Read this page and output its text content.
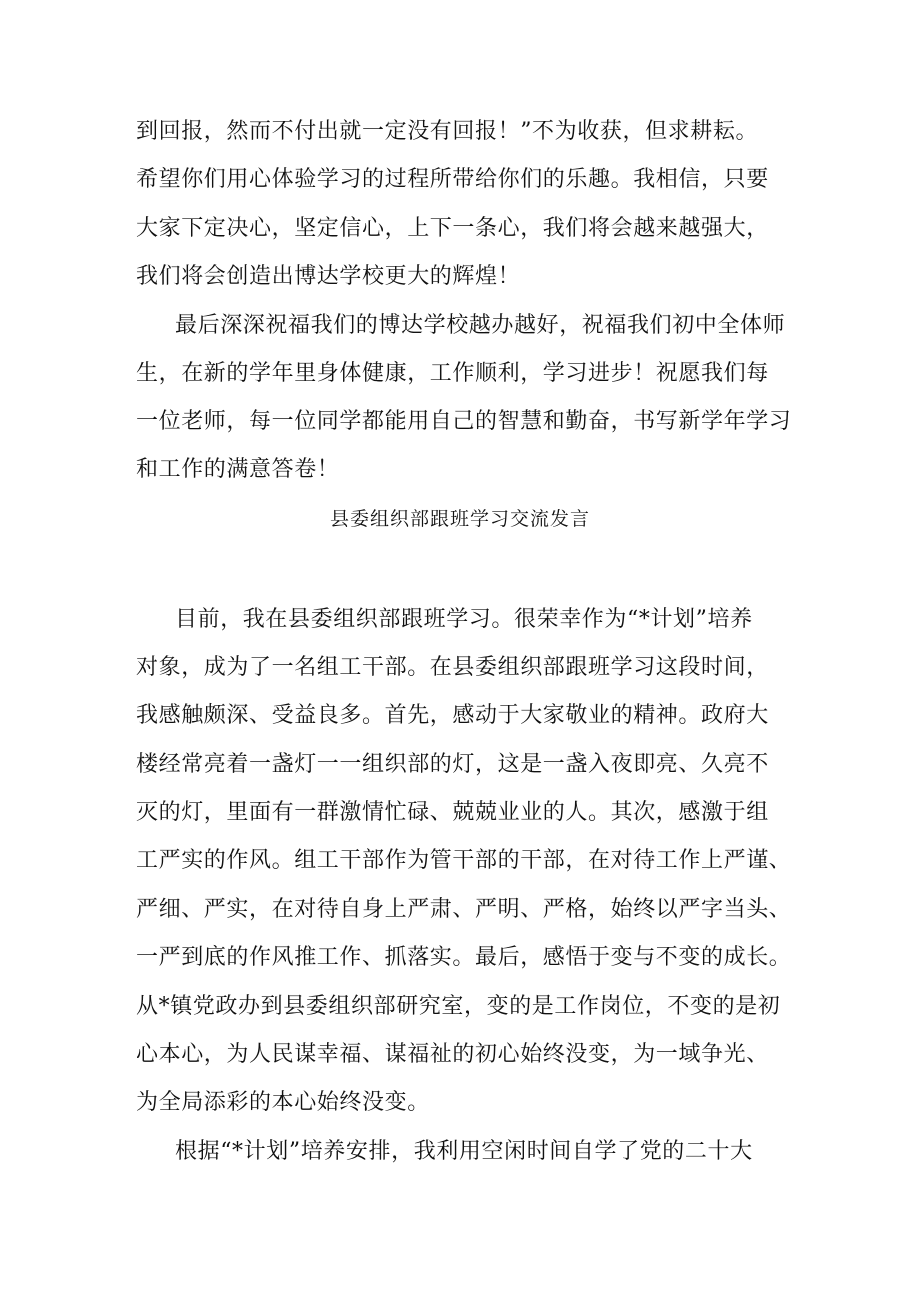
到回报，然而不付出就一定没有回报！”不为收获，但求耕耘。
希望你们用心体验学习的过程所带给你们的乐趣。我相信，只要
大家下定决心，坚定信心，上下一条心，我们将会越来越强大，
我们将会创造出博达学校更大的辉煌！
最后深深祝福我们的博达学校越办越好，祝福我们初中全体师
生，在新的学年里身体健康，工作顺利，学习进步！祝愿我们每
一位老师，每一位同学都能用自己的智慧和勤奋，书写新学年学习
和工作的满意答卷！
县委组织部跟班学习交流发言
目前，我在县委组织部跟班学习。很荣幸作为“*计划”培养
对象，成为了一名组工干部。在县委组织部跟班学习这段时间，
我感触颇深、受益良多。首先，感动于大家敬业的精神。政府大
楼经常亮着一盏灯一一组织部的灯，这是一盏入夜即亮、久亮不
灭的灯，里面有一群激情忙碌、兢兢业业的人。其次，感激于组
工严实的作风。组工干部作为管干部的干部，在对待工作上严谨、
严细、严实，在对待自身上严肃、严明、严格，始终以严字当头、
一严到底的作风推工作、抓落实。最后，感悟于变与不变的成长。
从*镇党政办到县委组织部研究室，变的是工作岗位，不变的是初
心本心，为人民谋幸福、谋福祉的初心始终没变，为一域争光、
为全局添彩的本心始终没变。
根据“*计划”培养安排，我利用空闲时间自学了党的二十大
